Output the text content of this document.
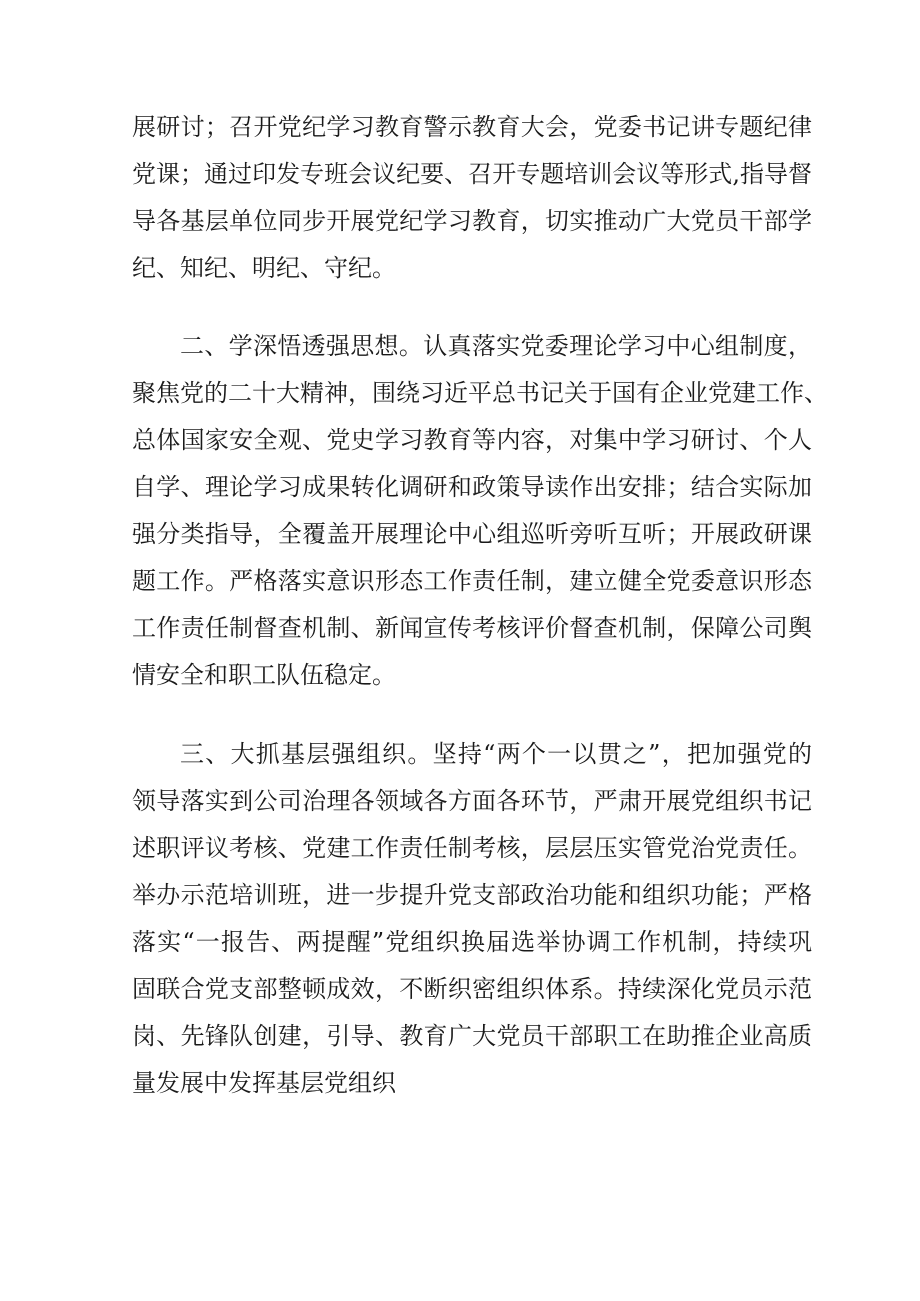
展研讨；召开党纪学习教育警示教育大会，党委书记讲专题纪律
党课；通过印发专班会议纪要、召开专题培训会议等形式,指导督
导各基层单位同步开展党纪学习教育，切实推动广大党员干部学
纪、知纪、明纪、守纪。
二、学深悟透强思想。认真落实党委理论学习中心组制度，
聚焦党的二十大精神，围绕习近平总书记关于国有企业党建工作、
总体国家安全观、党史学习教育等内容，对集中学习研讨、个人
自学、理论学习成果转化调研和政策导读作出安排；结合实际加
强分类指导，全覆盖开展理论中心组巡听旁听互听；开展政研课
题工作。严格落实意识形态工作责任制，建立健全党委意识形态
工作责任制督查机制、新闻宣传考核评价督查机制，保障公司舆
情安全和职工队伍稳定。
三、大抓基层强组织。坚持“两个一以贯之”，把加强党的
领导落实到公司治理各领域各方面各环节，严肃开展党组织书记
述职评议考核、党建工作责任制考核，层层压实管党治党责任。
举办示范培训班，进一步提升党支部政治功能和组织功能；严格
落实“一报告、两提醒”党组织换届选举协调工作机制，持续巩
固联合党支部整顿成效，不断织密组织体系。持续深化党员示范
岗、先锋队创建，引导、教育广大党员干部职工在助推企业高质
量发展中发挥基层党组织
